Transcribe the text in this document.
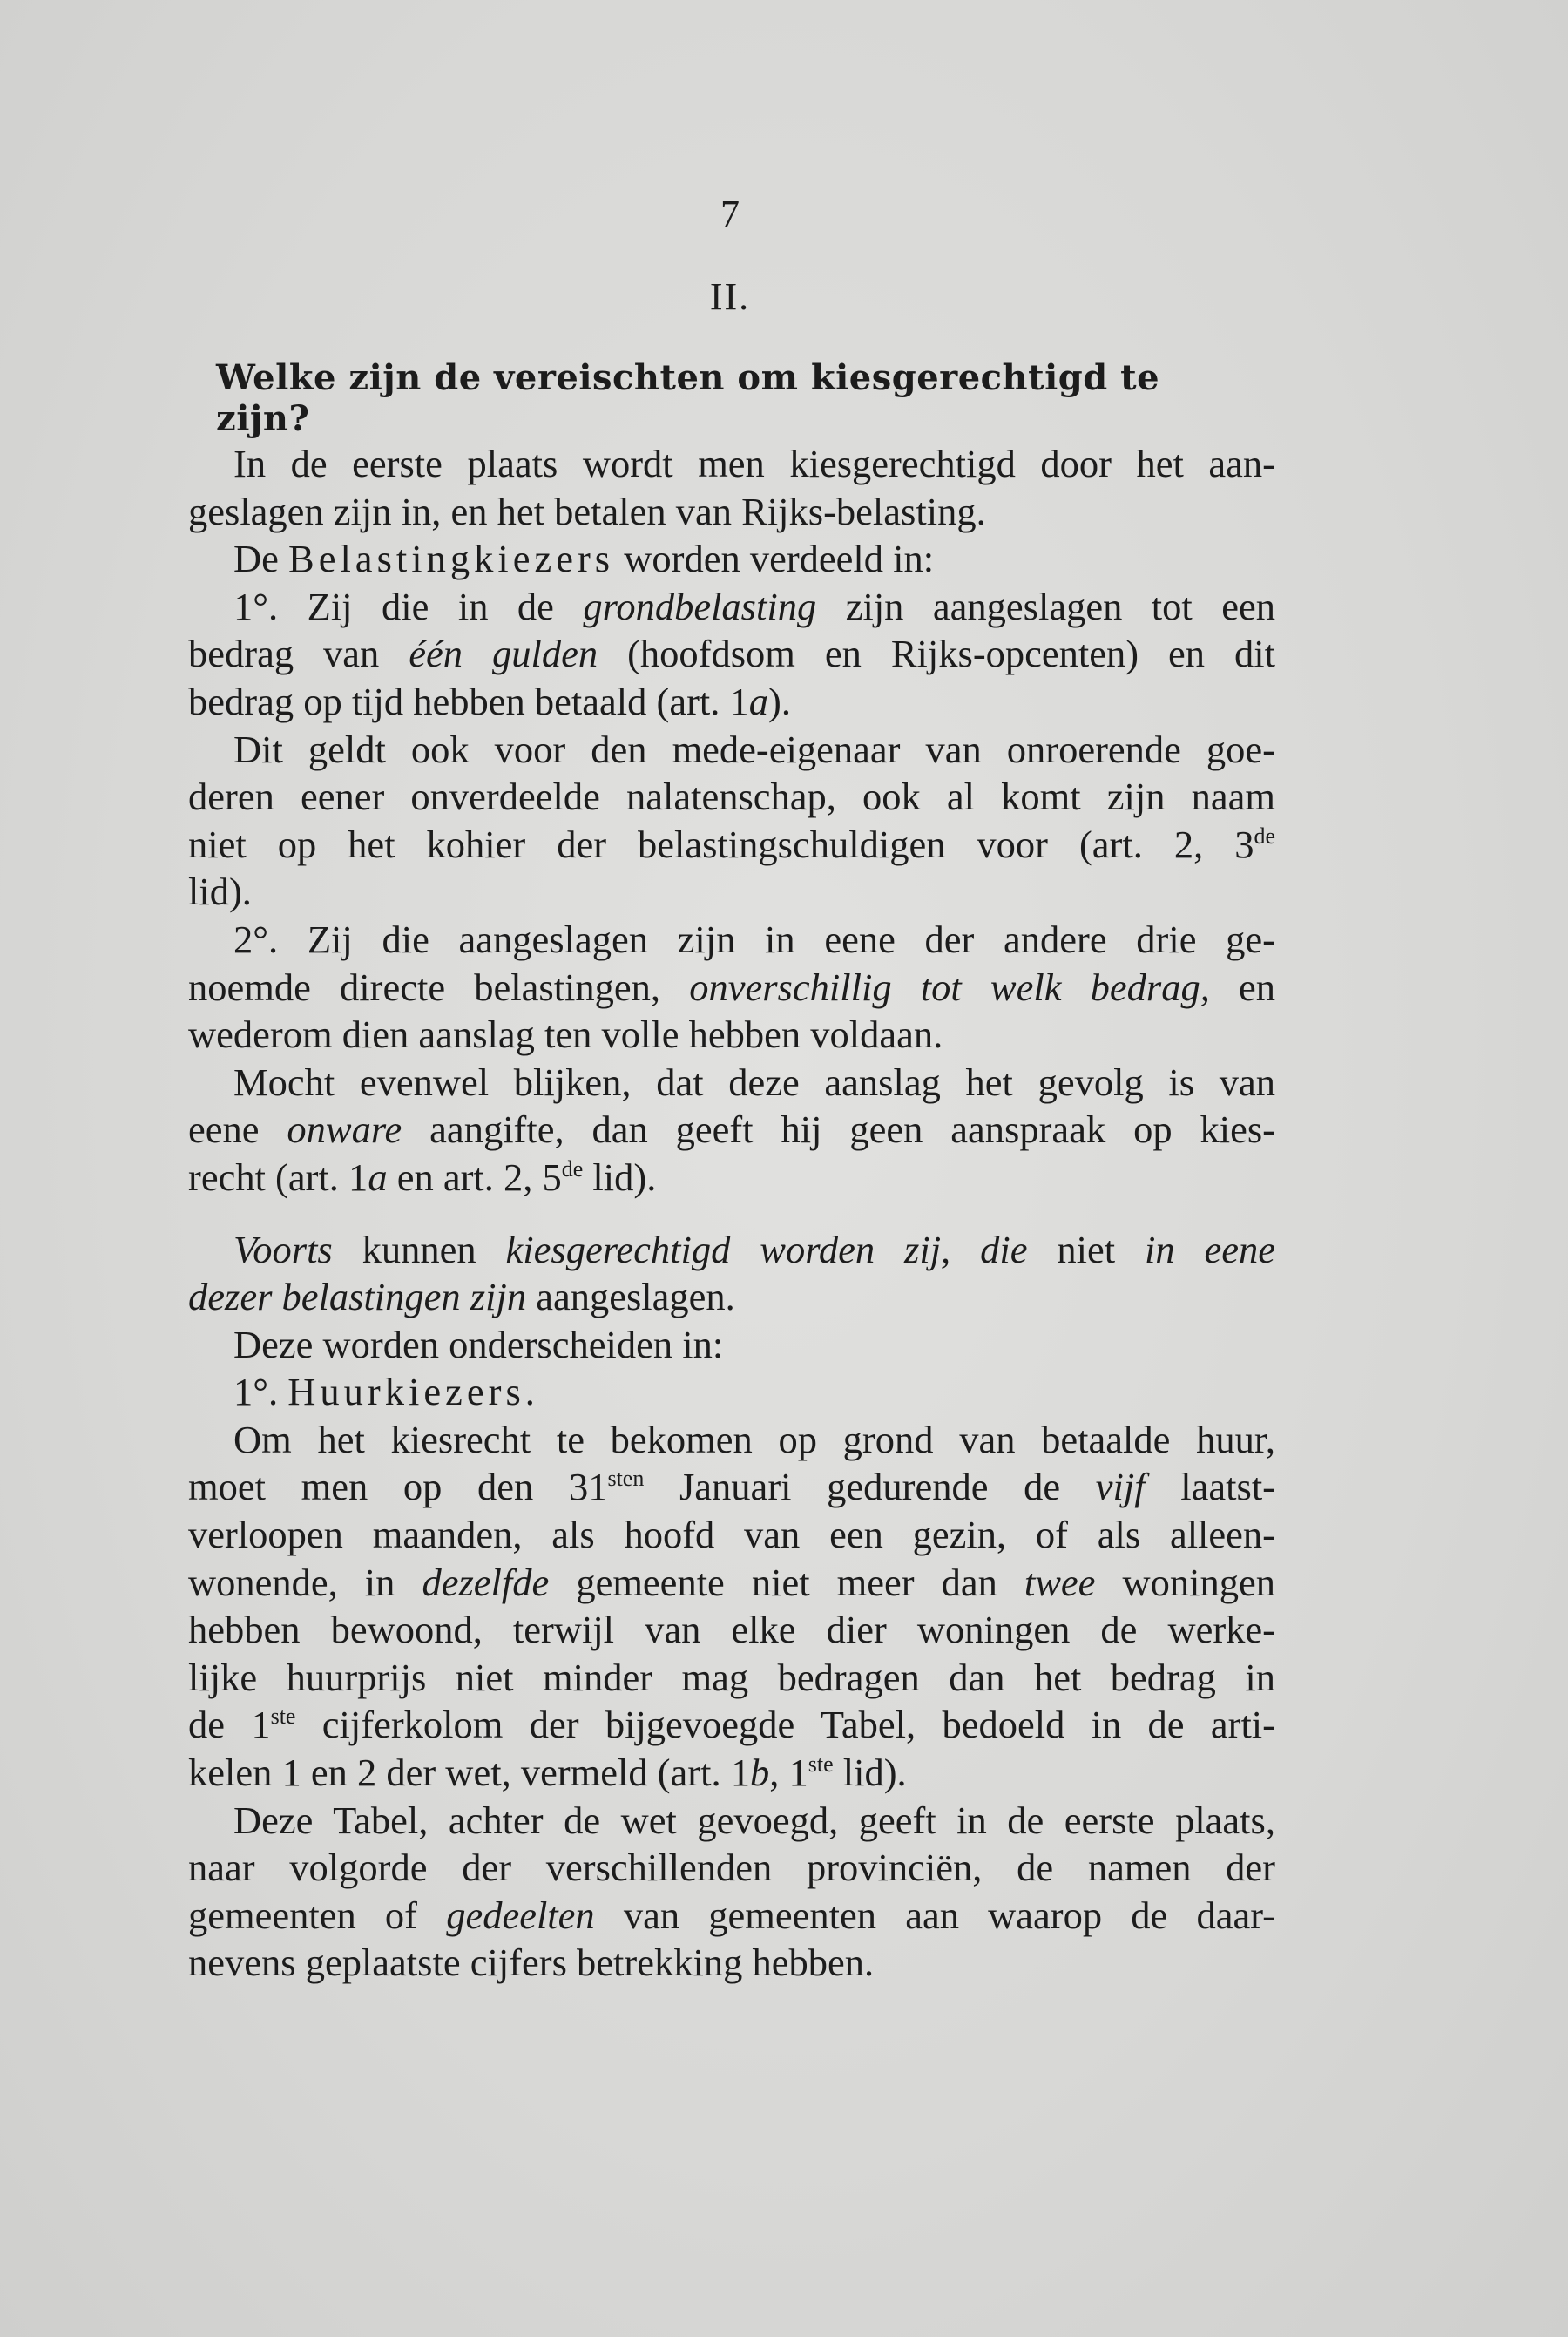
7
II.
Welke zijn de vereischten om kiesgerechtigd te zijn?
In de eerste plaats wordt men kiesgerechtigd door het aan-
geslagen zijn in, en het betalen van Rijks-belasting.
De Belastingkiezers worden verdeeld in:
1°. Zij die in de grondbelasting zijn aangeslagen tot een
bedrag van één gulden (hoofdsom en Rijks-opcenten) en dit
bedrag op tijd hebben betaald (art. 1a).
Dit geldt ook voor den mede-eigenaar van onroerende goe-
deren eener onverdeelde nalatenschap, ook al komt zijn naam
niet op het kohier der belastingschuldigen voor (art. 2, 3de
lid).
2°. Zij die aangeslagen zijn in eene der andere drie ge-
noemde directe belastingen, onverschillig tot welk bedrag, en
wederom dien aanslag ten volle hebben voldaan.
Mocht evenwel blijken, dat deze aanslag het gevolg is van
eene onware aangifte, dan geeft hij geen aanspraak op kies-
recht (art. 1a en art. 2, 5de lid).
Voorts kunnen kiesgerechtigd worden zij, die niet in eene
dezer belastingen zijn aangeslagen.
Deze worden onderscheiden in:
1°. Huurkiezers.
Om het kiesrecht te bekomen op grond van betaalde huur,
moet men op den $31^{sten}$ Januari gedurende de vijf laatst-
verloopen maanden, als hoofd van een gezin, of als alleen-
wonende, in dezelfde gemeente niet meer dan twee woningen
hebben bewoond, terwijl van elke dier woningen de werke-
lijke huurprijs niet minder mag bedragen dan het bedrag in
de 1ste cijferkolom der bijgevoegde Tabel, bedoeld in de arti-
kelen 1 en 2 der wet, vermeld (art. 1b, 1ste lid).
Deze Tabel, achter de wet gevoegd, geeft in de eerste plaats,
naar volgorde der verschillenden provinciën, de namen der
gemeenten of gedeelten van gemeenten aan waarop de daar-
nevens geplaatste cijfers betrekking hebben.
